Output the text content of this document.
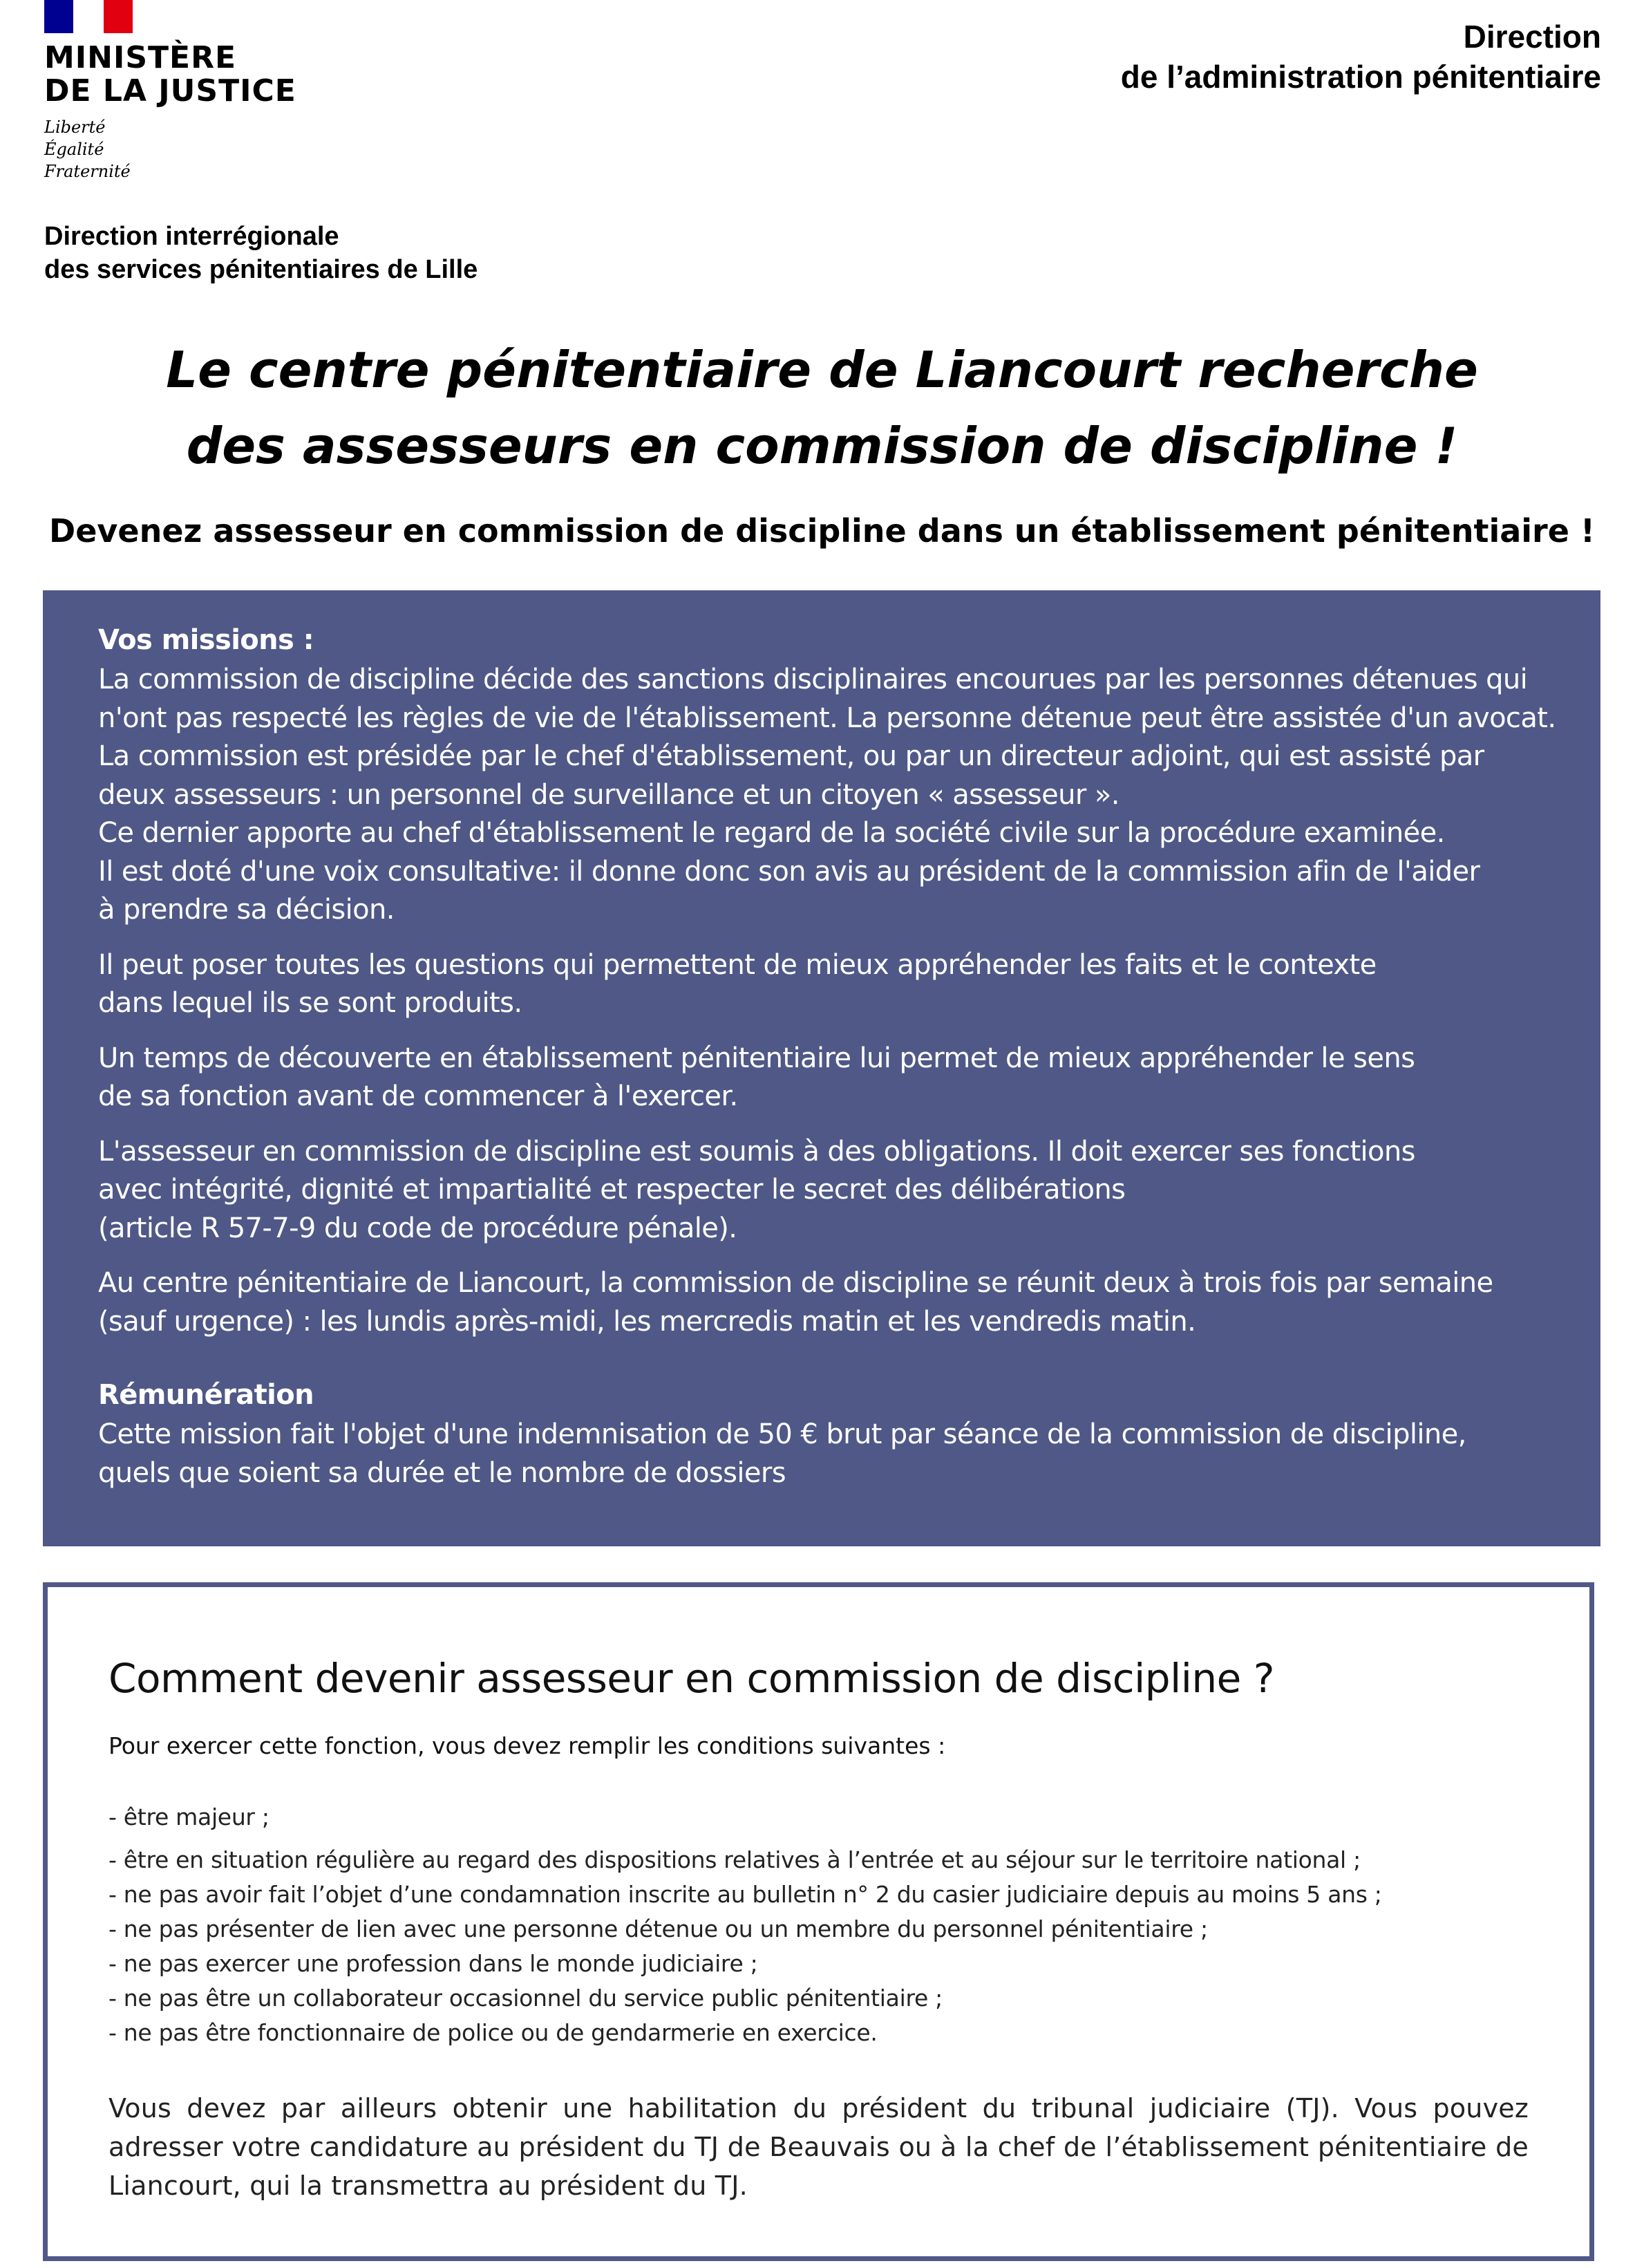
MINISTÈRE
DE LA JUSTICE
Liberté
Égalité
Fraternité
Direction
de l’administration pénitentiaire
Direction interrégionale
des services pénitentiaires de Lille
Le centre pénitentiaire de Liancourt recherche
des assesseurs en commission de discipline !
Devenez assesseur en commission de discipline dans un établissement pénitentiaire !

Vos missions :

La commission de discipline décide des sanctions disciplinaires encourues par les personnes détenues qui
n'ont pas respecté les règles de vie de l'établissement. La personne détenue peut être assistée d'un avocat.
La commission est présidée par le chef d'établissement, ou par un directeur adjoint, qui est assisté par
deux assesseurs : un personnel de surveillance et un citoyen « assesseur ».
Ce dernier apporte au chef d'établissement le regard de la société civile sur la procédure examinée.
Il est doté d'une voix consultative: il donne donc son avis au président de la commission afin de l'aider
à prendre sa décision.

Il peut poser toutes les questions qui permettent de mieux appréhender les faits et le contexte
dans lequel ils se sont produits.

Un temps de découverte en établissement pénitentiaire lui permet de mieux appréhender le sens
de sa fonction avant de commencer à l'exercer.

L'assesseur en commission de discipline est soumis à des obligations. Il doit exercer ses fonctions
avec intégrité, dignité et impartialité et respecter le secret des délibérations
(article R 57-7-9 du code de procédure pénale).

Au centre pénitentiaire de Liancourt, la commission de discipline se réunit deux à trois fois par semaine
(sauf urgence) : les lundis après-midi, les mercredis matin et les vendredis matin.

Rémunération

Cette mission fait l'objet d'une indemnisation de 50 € brut par séance de la commission de discipline,
quels que soient sa durée et le nombre de dossiers

Comment devenir assesseur en commission de discipline ?
Pour exercer cette fonction, vous devez remplir les conditions suivantes :
- être majeur ;
- être en situation régulière au regard des dispositions relatives à l’entrée et au séjour sur le territoire national ;
- ne pas avoir fait l’objet d’une condamnation inscrite au bulletin n° 2 du casier judiciaire depuis au moins 5 ans ;
- ne pas présenter de lien avec une personne détenue ou un membre du personnel pénitentiaire ;
- ne pas exercer une profession dans le monde judiciaire ;
- ne pas être un collaborateur occasionnel du service public pénitentiaire ;
- ne pas être fonctionnaire de police ou de gendarmerie en exercice.
Vous devez par ailleurs obtenir une habilitation du président du tribunal judiciaire (TJ). Vous pouvez adresser votre candidature au président du TJ de Beauvais ou à la chef de l’établissement pénitentiaire de Liancourt, qui la transmettra au président du TJ.
